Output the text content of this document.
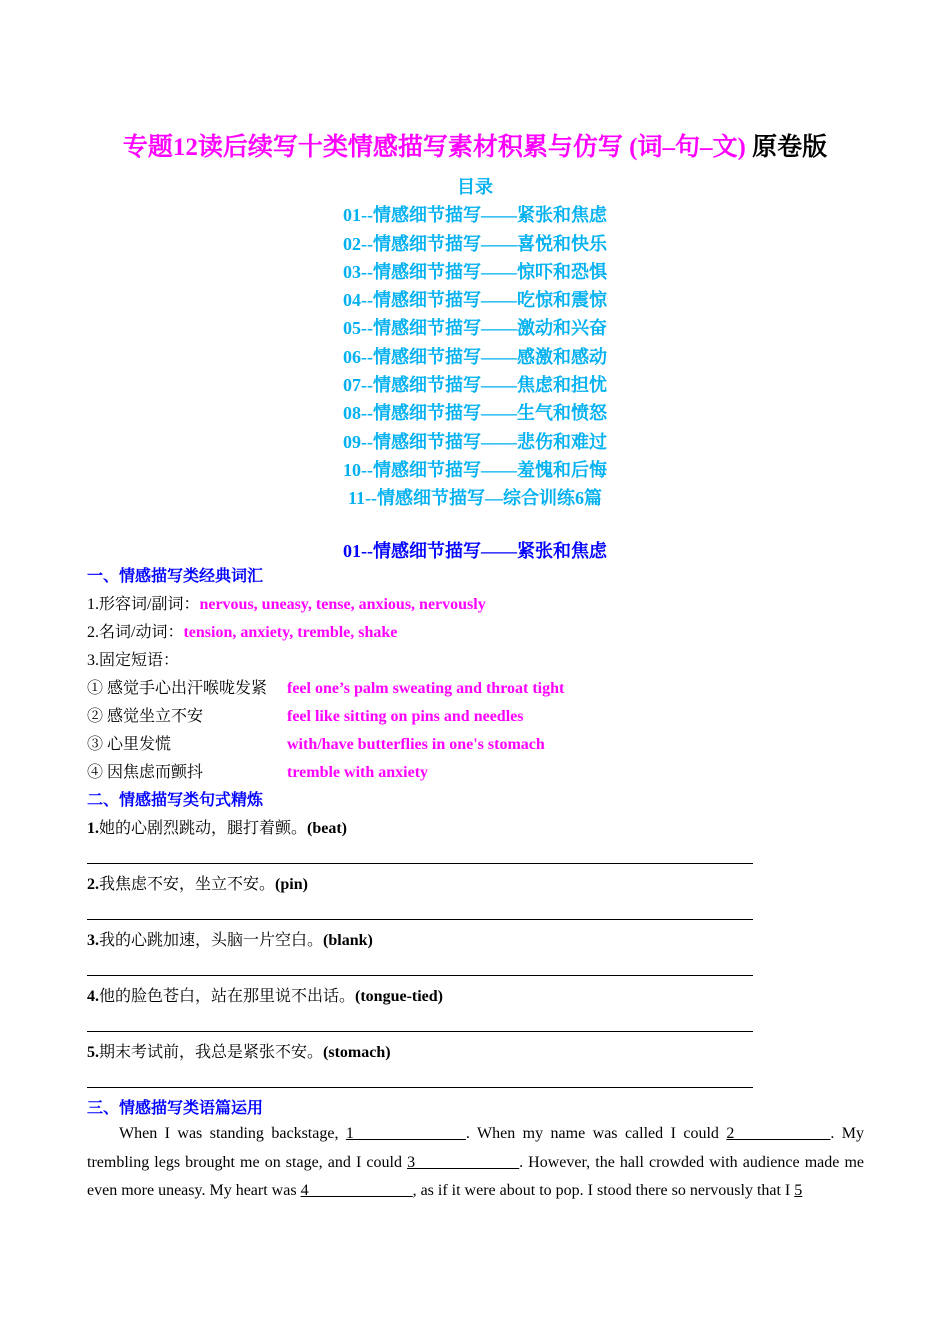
专题12读后续写十类情感描写素材积累与仿写 (词–句–文) 原卷版
目录
01--情感细节描写——紧张和焦虑
02--情感细节描写——喜悦和快乐
03--情感细节描写——惊吓和恐惧
04--情感细节描写——吃惊和震惊
05--情感细节描写——激动和兴奋
06--情感细节描写——感激和感动
07--情感细节描写——焦虑和担忧
08--情感细节描写——生气和愤怒
09--情感细节描写——悲伤和难过
10--情感细节描写——羞愧和后悔
11--情感细节描写—综合训练6篇
01--情感细节描写——紧张和焦虑
一、情感描写类经典词汇
1.形容词/副词：nervous, uneasy, tense, anxious, nervously
2.名词/动词：tension, anxiety, tremble, shake
3.固定短语：
① 感觉手心出汗喉咙发紧 feel one’s palm sweating and throat tight
② 感觉坐立不安	feel like sitting on pins and needles
③ 心里发慌	with/have butterflies in one's stomach
④ 因焦虑而颤抖	tremble with anxiety
二、情感描写类句式精炼
1.她的心剧烈跳动，腿打着颤。(beat)
2.我焦虑不安，坐立不安。(pin)
3.我的心跳加速，头脑一片空白。(blank)
4.他的脸色苍白，站在那里说不出话。(tongue-tied)
5.期末考试前，我总是紧张不安。(stomach)
三、情感描写类语篇运用
When I was standing backstage, 1______________. When my name was called I could 2____________. My trembling legs brought me on stage, and I could 3_____________. However, the hall crowded with audience made me even more uneasy. My heart was 4_____________, as if it were about to pop. I stood there so nervously that I 5
